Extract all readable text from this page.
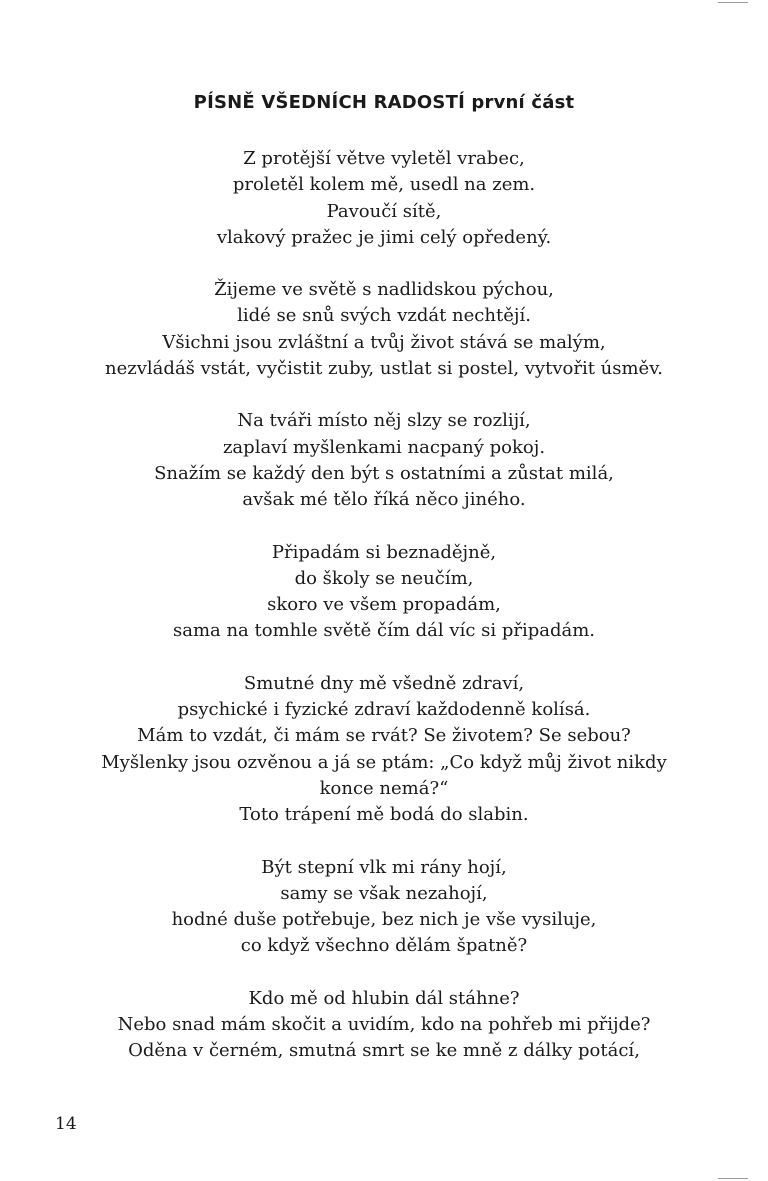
PÍSNĚ VŠEDNÍCH RADOSTÍ první část
Z protější větve vyletěl vrabec,
proletěl kolem mě, usedl na zem.
Pavoučí sítě,
vlakový pražec je jimi celý opředený.
Žijeme ve světě s nadlidskou pýchou,
lidé se snů svých vzdát nechtějí.
Všichni jsou zvláštní a tvůj život stává se malým,
nezvládáš vstát, vyčistit zuby, ustlat si postel, vytvořit úsměv.
Na tváři místo něj slzy se rozlijí,
zaplaví myšlenkami nacpaný pokoj.
Snažím se každý den být s ostatními a zůstat milá,
avšak mé tělo říká něco jiného.
Připadám si beznadějně,
do školy se neučím,
skoro ve všem propadám,
sama na tomhle světě čím dál víc si připadám.
Smutné dny mě všedně zdraví,
psychické i fyzické zdraví každodenně kolísá.
Mám to vzdát, či mám se rvát? Se životem? Se sebou?
Myšlenky jsou ozvěnou a já se ptám: „Co když můj život nikdy
konce nemá?“
Toto trápení mě bodá do slabin.
Být stepní vlk mi rány hojí,
samy se však nezahojí,
hodné duše potřebuje, bez nich je vše vysiluje,
co když všechno dělám špatně?
Kdo mě od hlubin dál stáhne?
Nebo snad mám skočit a uvidím, kdo na pohřeb mi přijde?
Oděna v černém, smutná smrt se ke mně z dálky potácí,
14
